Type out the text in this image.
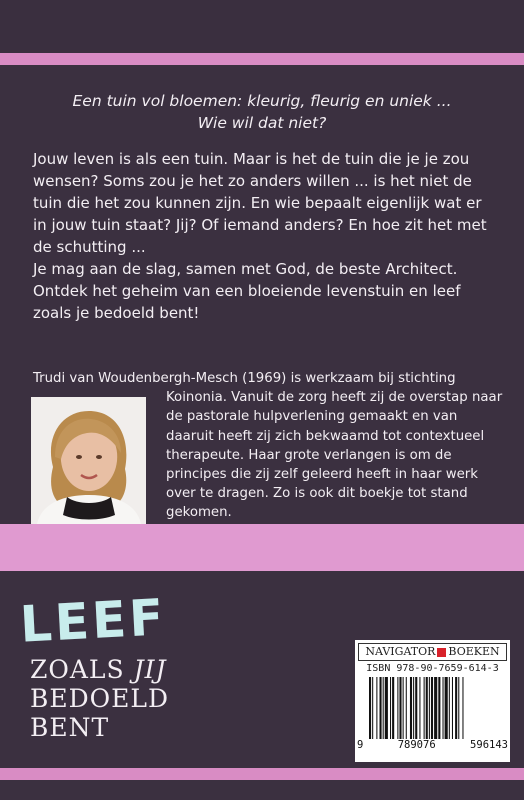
Een tuin vol bloemen: kleurig, fleurig en uniek ...
Wie wil dat niet?
Jouw leven is als een tuin. Maar is het de tuin die je je zou wensen? Soms zou je het zo anders willen ... is het niet de tuin die het zou kunnen zijn. En wie bepaalt eigenlijk wat er in jouw tuin staat? Jij? Of iemand anders? En hoe zit het met de schutting ...
Je mag aan de slag, samen met God, de beste Architect. Ontdek het geheim van een bloeiende levenstuin en leef zoals je bedoeld bent!
Trudi van Woudenbergh-Mesch (1969) is werkzaam bij stichting
Koinonia. Vanuit de zorg heeft zij de overstap naar de pastorale hulpverlening gemaakt en van daaruit heeft zij zich bekwaamd tot contextueel therapeute. Haar grote verlangen is om de principes die zij zelf geleerd heeft in haar werk over te dragen. Zo is ook dit boekje tot stand gekomen.
LEEF
ZOALS JIJ
BEDOELD
BENT
NAVIGATOR BOEKEN
ISBN 978-90-7659-614-3
9	789076	596143
